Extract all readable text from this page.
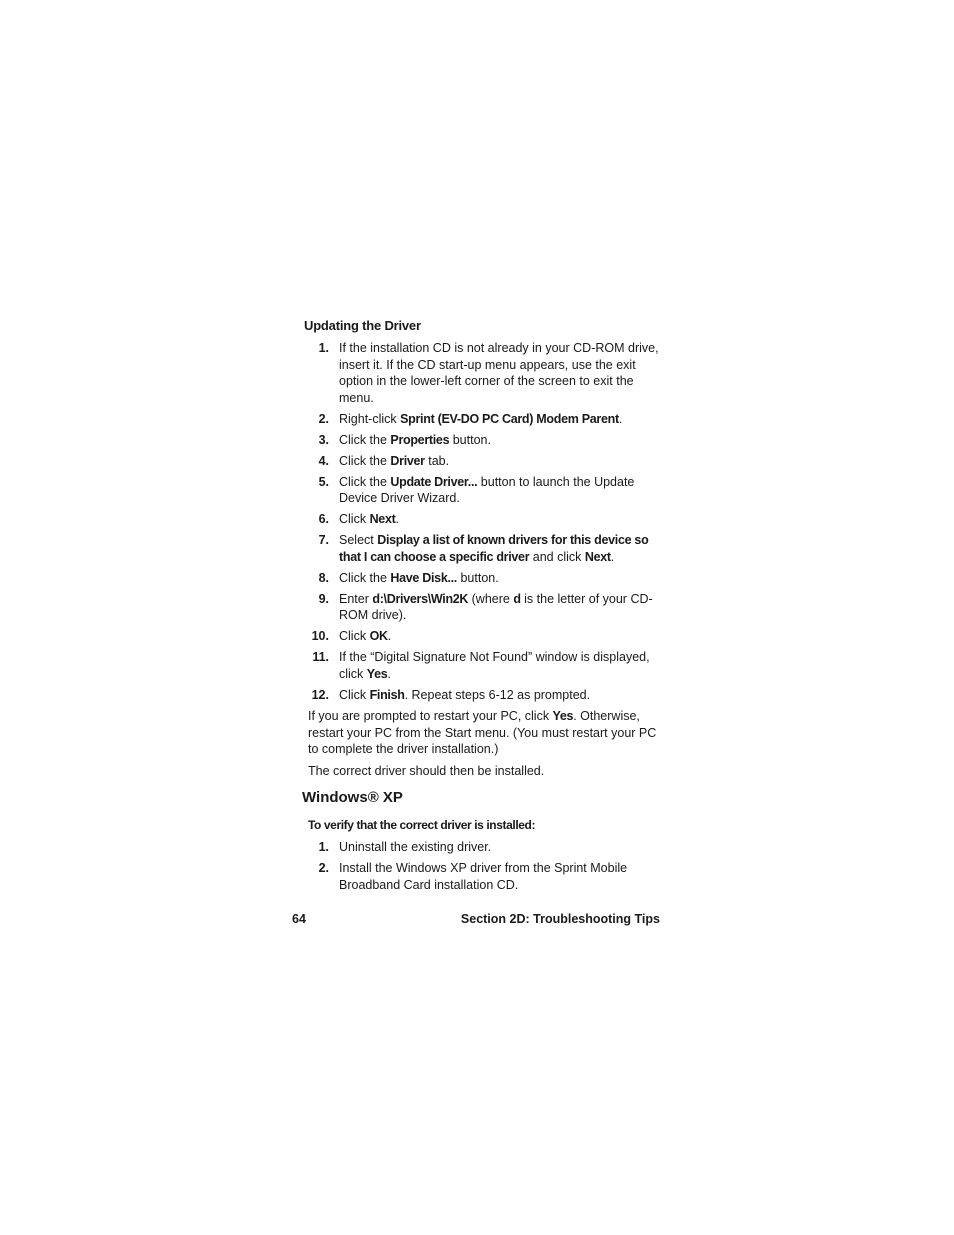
Updating the Driver
1. If the installation CD is not already in your CD-ROM drive, insert it. If the CD start-up menu appears, use the exit option in the lower-left corner of the screen to exit the menu.
2. Right-click Sprint (EV-DO PC Card) Modem Parent.
3. Click the Properties button.
4. Click the Driver tab.
5. Click the Update Driver... button to launch the Update Device Driver Wizard.
6. Click Next.
7. Select Display a list of known drivers for this device so that I can choose a specific driver and click Next.
8. Click the Have Disk... button.
9. Enter d:\Drivers\Win2K (where d is the letter of your CD-ROM drive).
10. Click OK.
11. If the “Digital Signature Not Found” window is displayed, click Yes.
12. Click Finish. Repeat steps 6-12 as prompted.

If you are prompted to restart your PC, click Yes. Otherwise, restart your PC from the Start menu. (You must restart your PC to complete the driver installation.)

The correct driver should then be installed.

Windows® XP
To verify that the correct driver is installed:
1. Uninstall the existing driver.
2. Install the Windows XP driver from the Sprint Mobile Broadband Card installation CD.
64	Section 2D: Troubleshooting Tips
